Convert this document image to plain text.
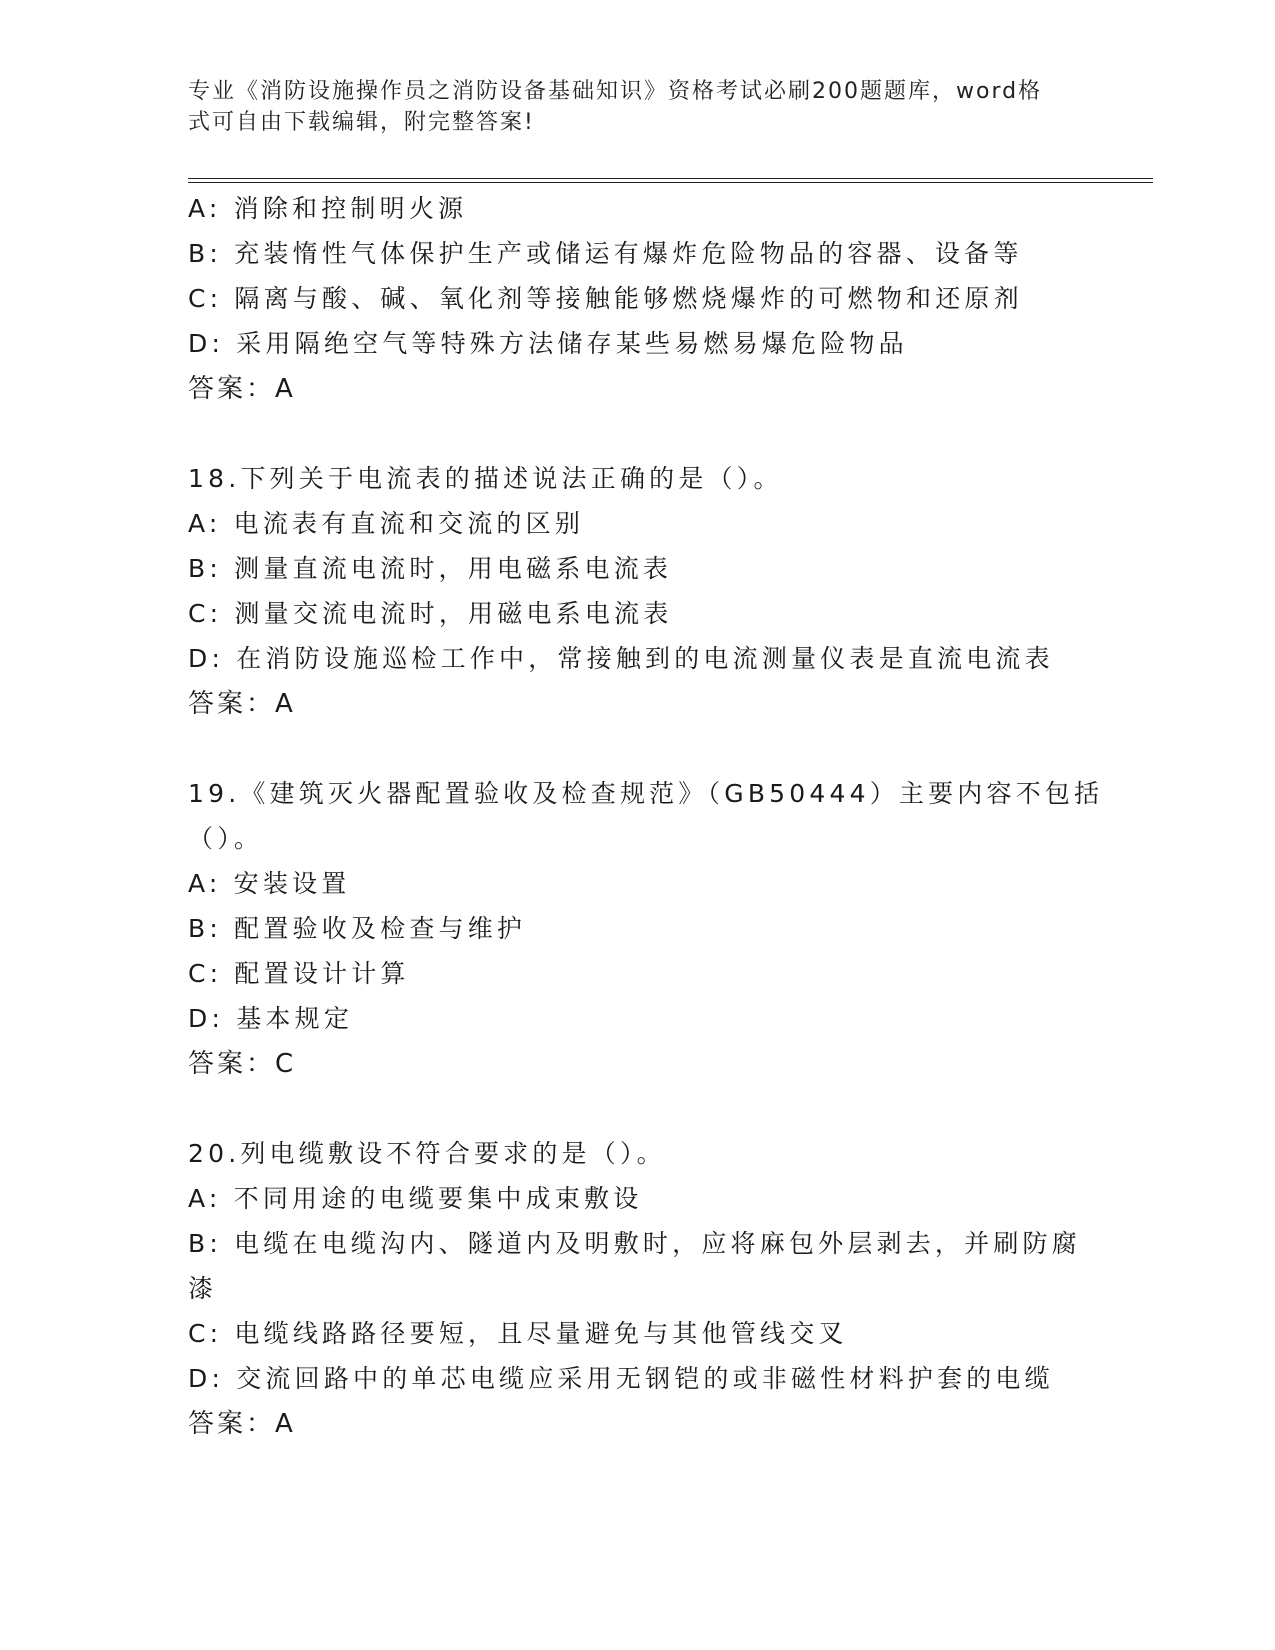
专业《消防设施操作员之消防设备基础知识》资格考试必刷200题题库，word格
式可自由下载编辑，附完整答案!
A: 消除和控制明火源
B: 充装惰性气体保护生产或储运有爆炸危险物品的容器、设备等
C: 隔离与酸、碱、氧化剂等接触能够燃烧爆炸的可燃物和还原剂
D: 采用隔绝空气等特殊方法储存某些易燃易爆危险物品
答案：A
18.下列关于电流表的描述说法正确的是（）。
A: 电流表有直流和交流的区别
B: 测量直流电流时，用电磁系电流表
C: 测量交流电流时，用磁电系电流表
D: 在消防设施巡检工作中，常接触到的电流测量仪表是直流电流表
答案：A
19.《建筑灭火器配置验收及检查规范》（GB50444）主要内容不包括
（）。
A: 安装设置
B: 配置验收及检查与维护
C: 配置设计计算
D: 基本规定
答案：C
20.列电缆敷设不符合要求的是（）。
A: 不同用途的电缆要集中成束敷设
B: 电缆在电缆沟内、隧道内及明敷时，应将麻包外层剥去，并刷防腐
漆
C: 电缆线路路径要短，且尽量避免与其他管线交叉
D: 交流回路中的单芯电缆应采用无钢铠的或非磁性材料护套的电缆
答案：A
